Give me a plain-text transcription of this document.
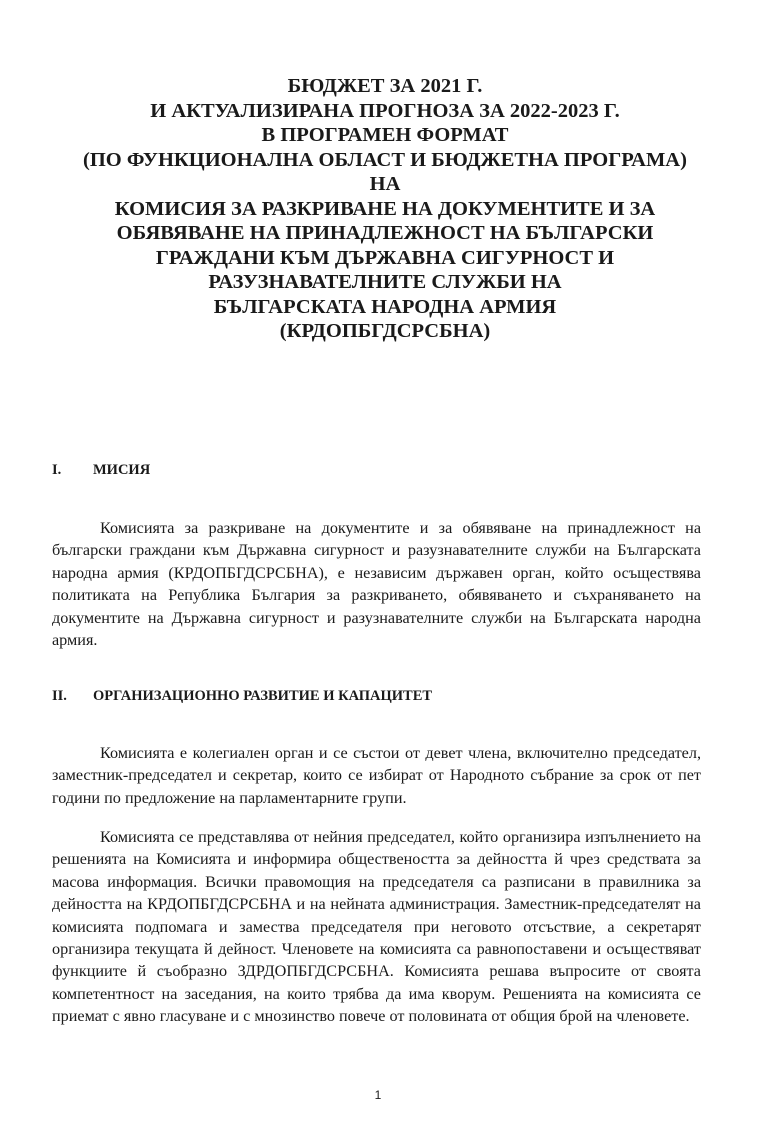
БЮДЖЕТ ЗА 2021 Г.
И АКТУАЛИЗИРАНА ПРОГНОЗА ЗА 2022-2023 Г.
В ПРОГРАМЕН ФОРМАТ
(ПО ФУНКЦИОНАЛНА ОБЛАСТ И БЮДЖЕТНА ПРОГРАМА)
НА
КОМИСИЯ ЗА РАЗКРИВАНЕ НА ДОКУМЕНТИТЕ И ЗА
ОБЯВЯВАНЕ НА ПРИНАДЛЕЖНОСТ НА БЪЛГАРСКИ
ГРАЖДАНИ КЪМ ДЪРЖАВНА СИГУРНОСТ И
РАЗУЗНАВАТЕЛНИТЕ СЛУЖБИ НА
БЪЛГАРСКАТА НАРОДНА АРМИЯ
(КРДОПБГДСРСБНА)
I.	МИСИЯ

Комисията за разкриване на документите и за обявяване на принадлежност на български граждани към Държавна сигурност и разузнавателните служби на Българската народна армия (КРДОПБГДСРСБНА), е независим държавен орган, който осъществява политиката на Република България за разкриването, обявяването и съхраняването на документите на Държавна сигурност и разузнавателните служби на Българската народна армия.

II.	ОРГАНИЗАЦИОННО РАЗВИТИЕ И КАПАЦИТЕТ

Комисията е колегиален орган и се състои от девет члена, включително председател, заместник-председател и секретар, които се избират от Народното събрание за срок от пет години по предложение на парламентарните групи.

Комисията се представлява от нейния председател, който организира изпълнението на решенията на Комисията и информира обществеността за дейността й чрез средствата за масова информация. Всички правомощия на председателя са разписани в правилника за дейността на КРДОПБГДСРСБНА и на нейната администрация. Заместник-председателят на комисията подпомага и замества председателя при неговото отсъствие, а секретарят организира текущата й дейност. Членовете на комисията са равнопоставени и осъществяват функциите й съобразно ЗДРДОПБГДСРСБНА. Комисията решава въпросите от своята компетентност на заседания, на които трябва да има кворум. Решенията на комисията се приемат с явно гласуване и с мнозинство повече от половината от общия брой на членовете.

1
